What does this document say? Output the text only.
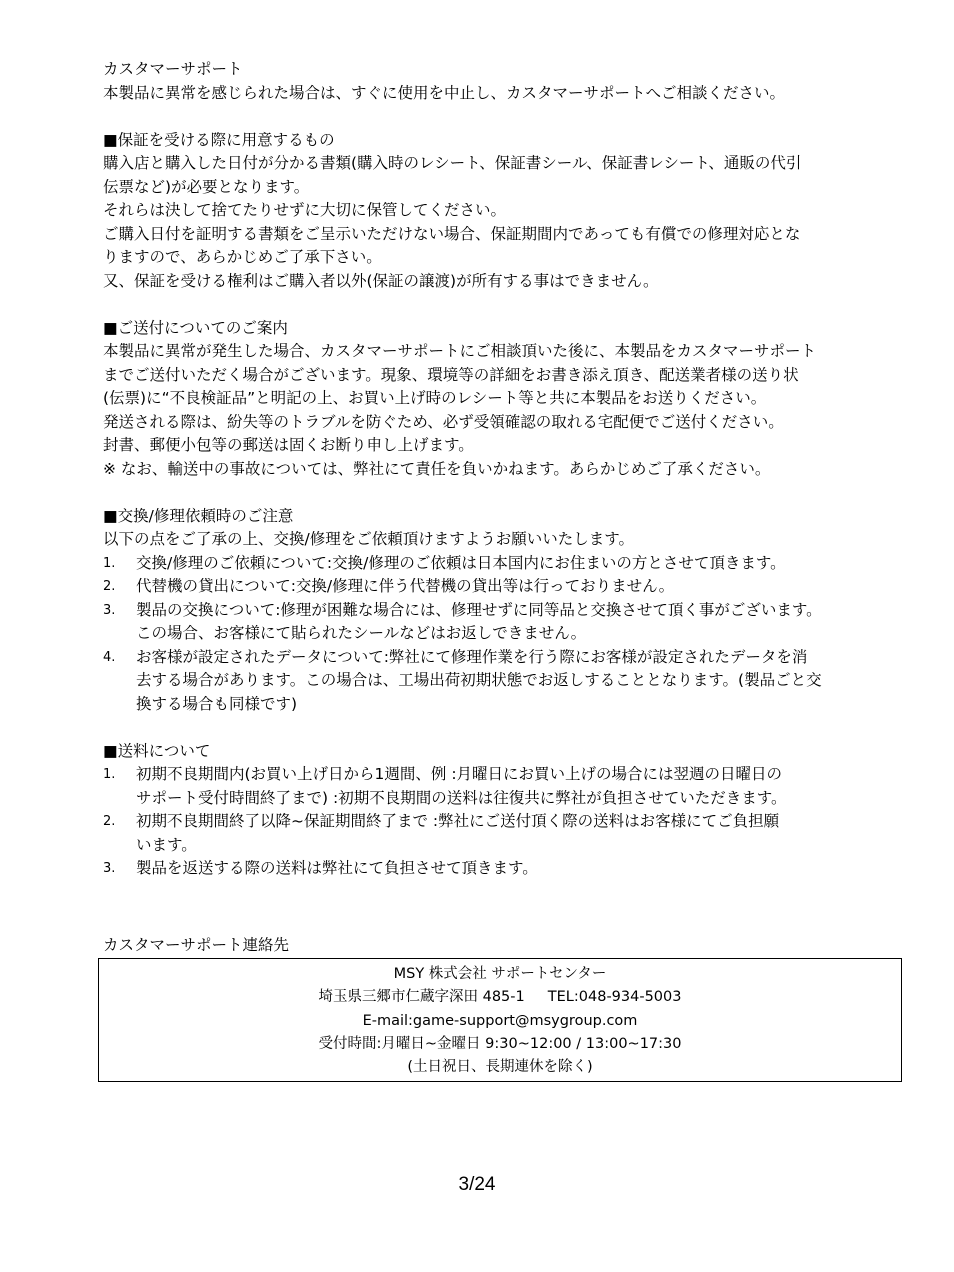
カスタマーサポート
本製品に異常を感じられた場合は、すぐに使用を中止し、カスタマーサポートへご相談ください。
■保証を受ける際に用意するもの
購入店と購入した日付が分かる書類(購入時のレシート、保証書シール、保証書レシート、通販の代引
伝票など)が必要となります。
それらは決して捨てたりせずに大切に保管してください。
ご購入日付を証明する書類をご呈示いただけない場合、保証期間内であっても有償での修理対応とな
りますので、あらかじめご了承下さい。
又、保証を受ける権利はご購入者以外(保証の譲渡)が所有する事はできません。
■ご送付についてのご案内
本製品に異常が発生した場合、カスタマーサポートにご相談頂いた後に、本製品をカスタマーサポート
までご送付いただく場合がございます。現象、環境等の詳細をお書き添え頂き、配送業者様の送り状
(伝票)に“不良検証品”と明記の上、お買い上げ時のレシート等と共に本製品をお送りください。
発送される際は、紛失等のトラブルを防ぐため、必ず受領確認の取れる宅配便でご送付ください。
封書、郵便小包等の郵送は固くお断り申し上げます。
※ なお、輸送中の事故については、弊社にて責任を負いかねます。あらかじめご了承ください。
■交換/修理依頼時のご注意
以下の点をご了承の上、交換/修理をご依頼頂けますようお願いいたします。
1.	交換/修理のご依頼について:交換/修理のご依頼は日本国内にお住まいの方とさせて頂きます。
2.	代替機の貸出について:交換/修理に伴う代替機の貸出等は行っておりません。
3.	製品の交換について:修理が困難な場合には、修理せずに同等品と交換させて頂く事がございます。
この場合、お客様にて貼られたシールなどはお返しできません。
4.	お客様が設定されたデータについて:弊社にて修理作業を行う際にお客様が設定されたデータを消
去する場合があります。この場合は、工場出荷初期状態でお返しすることとなります。(製品ごと交
換する場合も同様です)
■送料について
1.	初期不良期間内(お買い上げ日から1週間、例 :月曜日にお買い上げの場合には翌週の日曜日の
サポート受付時間終了まで) :初期不良期間の送料は往復共に弊社が負担させていただきます。
2.	初期不良期間終了以降~保証期間終了まで :弊社にご送付頂く際の送料はお客様にてご負担願
います。
3.	製品を返送する際の送料は弊社にて負担させて頂きます。
カスタマーサポート連絡先
MSY 株式会社 サポートセンター
埼玉県三郷市仁蔵字深田 485-1     TEL:048-934-5003
E-mail:game-support@msygroup.com
受付時間:月曜日~金曜日 9:30~12:00 / 13:00~17:30
(土日祝日、長期連休を除く)
3/24
